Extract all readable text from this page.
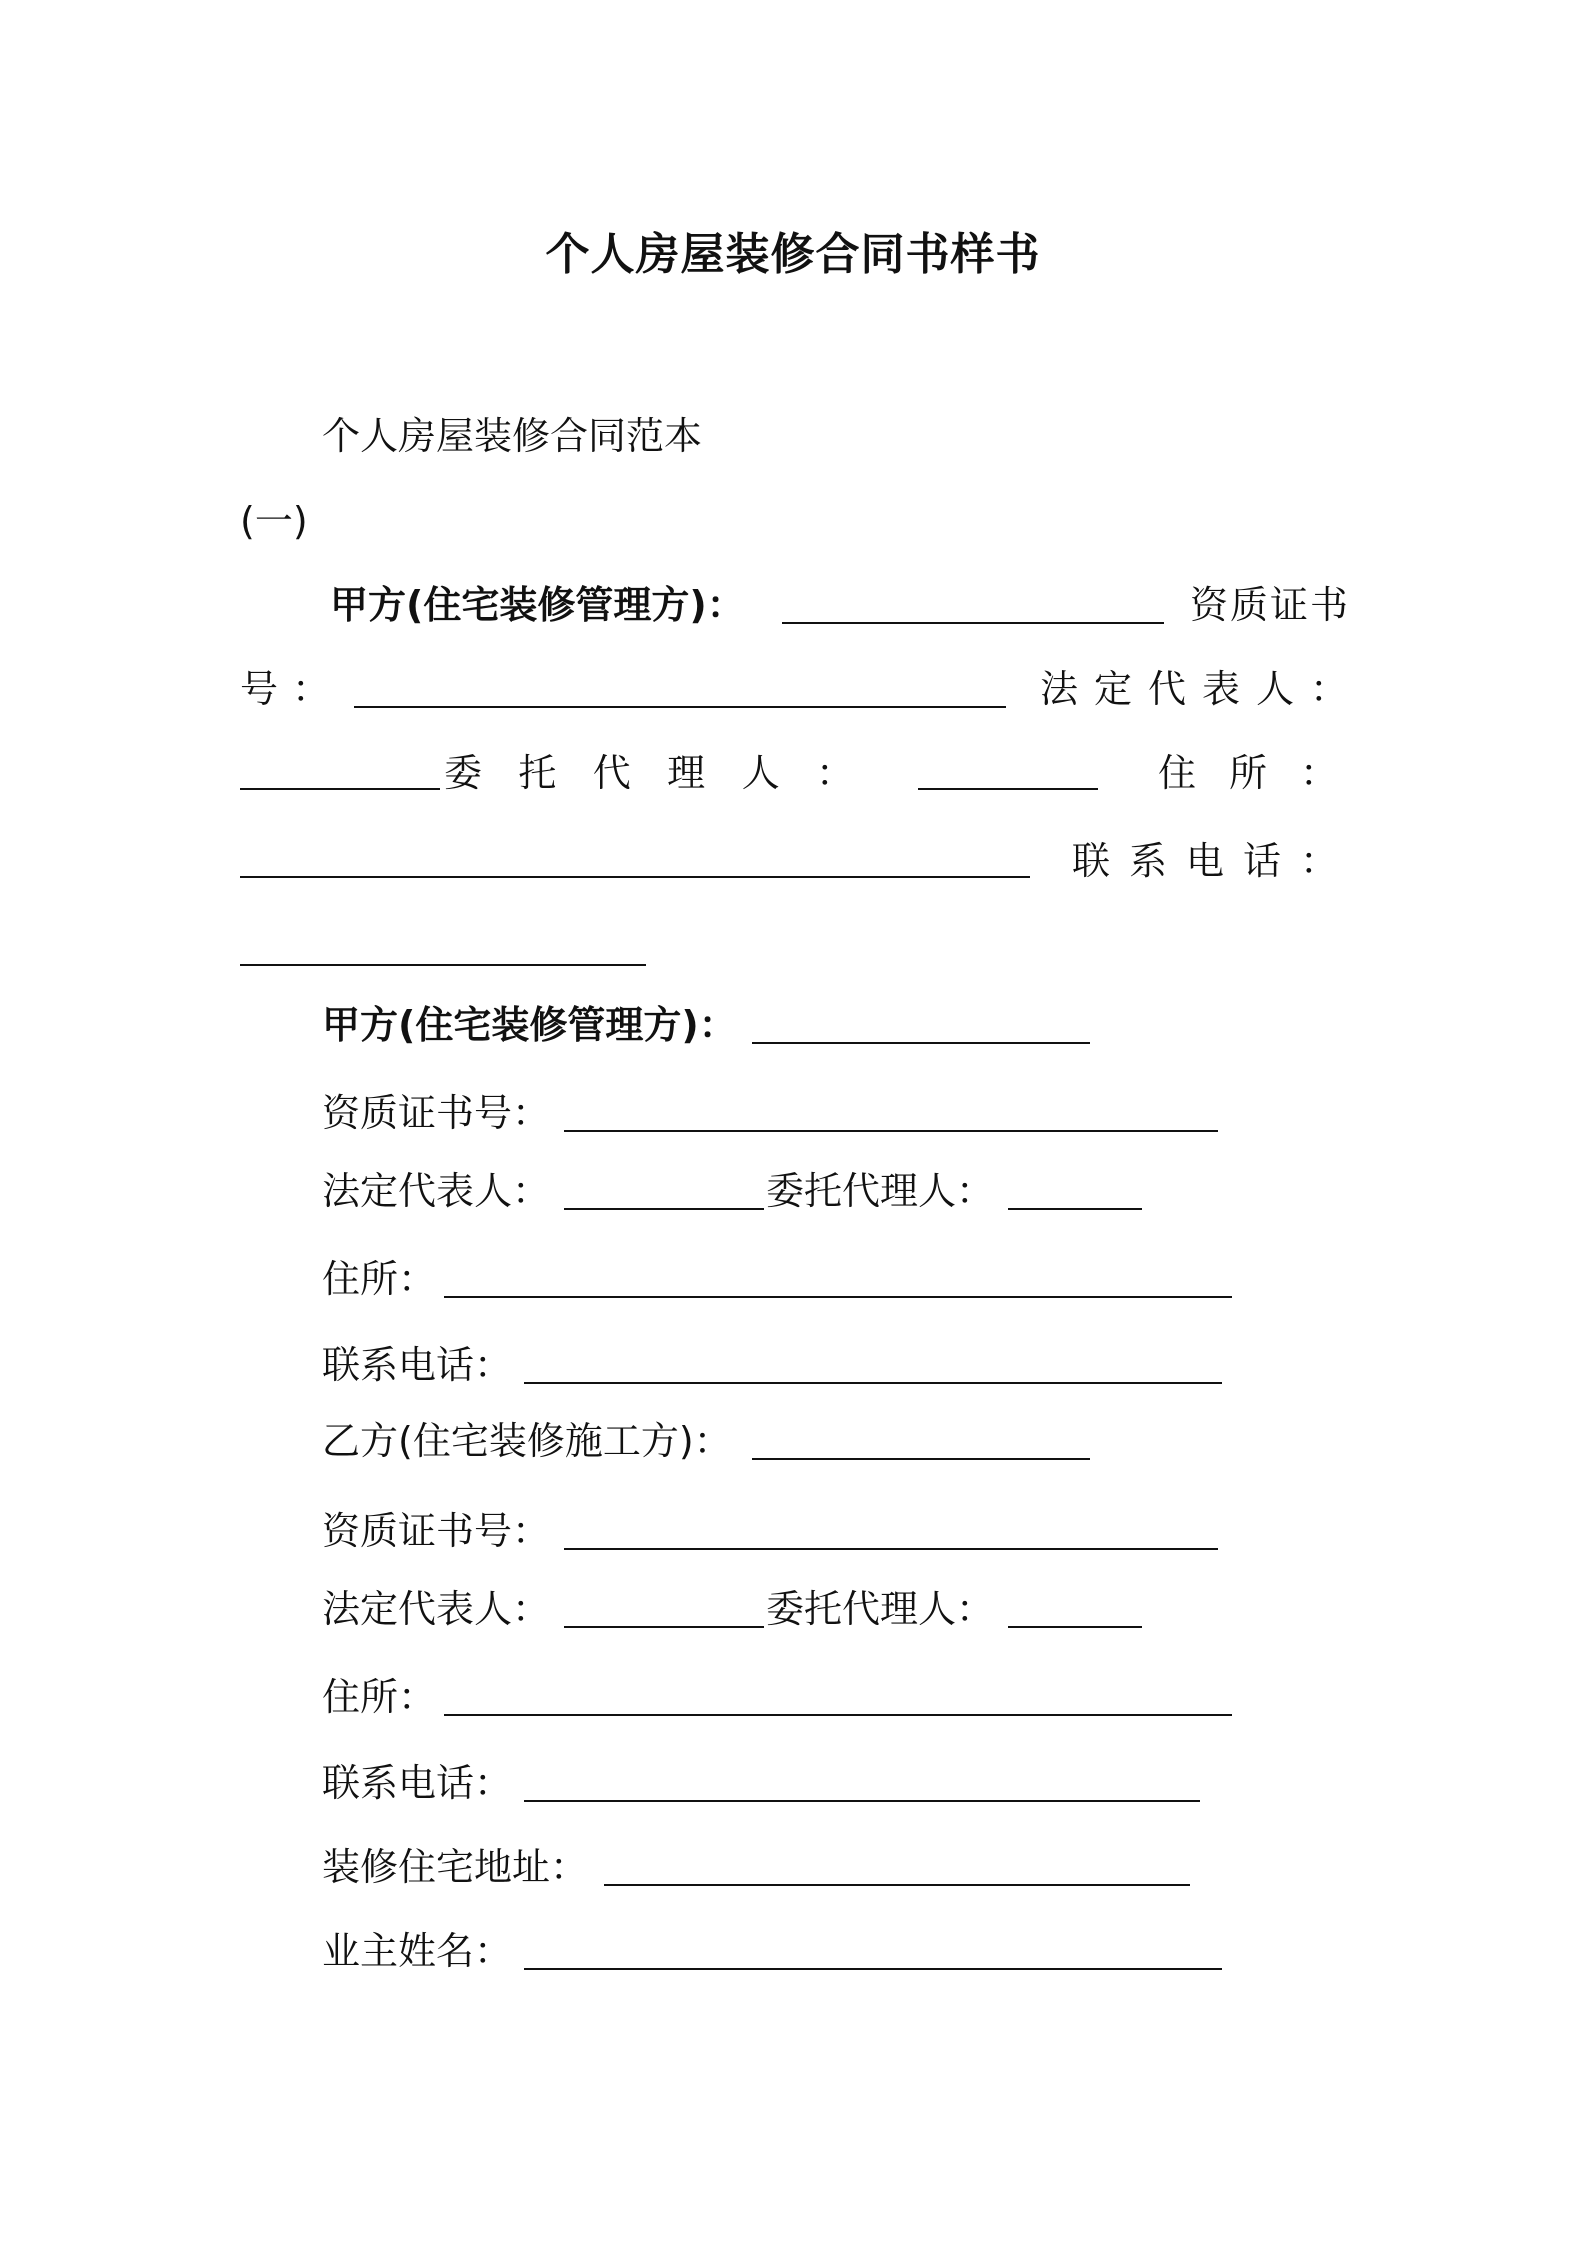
个人房屋装修合同书样书
个人房屋装修合同范本
(一)
甲方(住宅装修管理方)：	资质证书
号：	法定代表人：
委 托 代 理 人 ：	住 所 ：
联 系 电 话 ：
甲方(住宅装修管理方)：
资质证书号：
法定代表人：	委托代理人：
住所：
联系电话：
乙方(住宅装修施工方)：
资质证书号：
法定代表人：	委托代理人：
住所：
联系电话：
装修住宅地址：
业主姓名：
